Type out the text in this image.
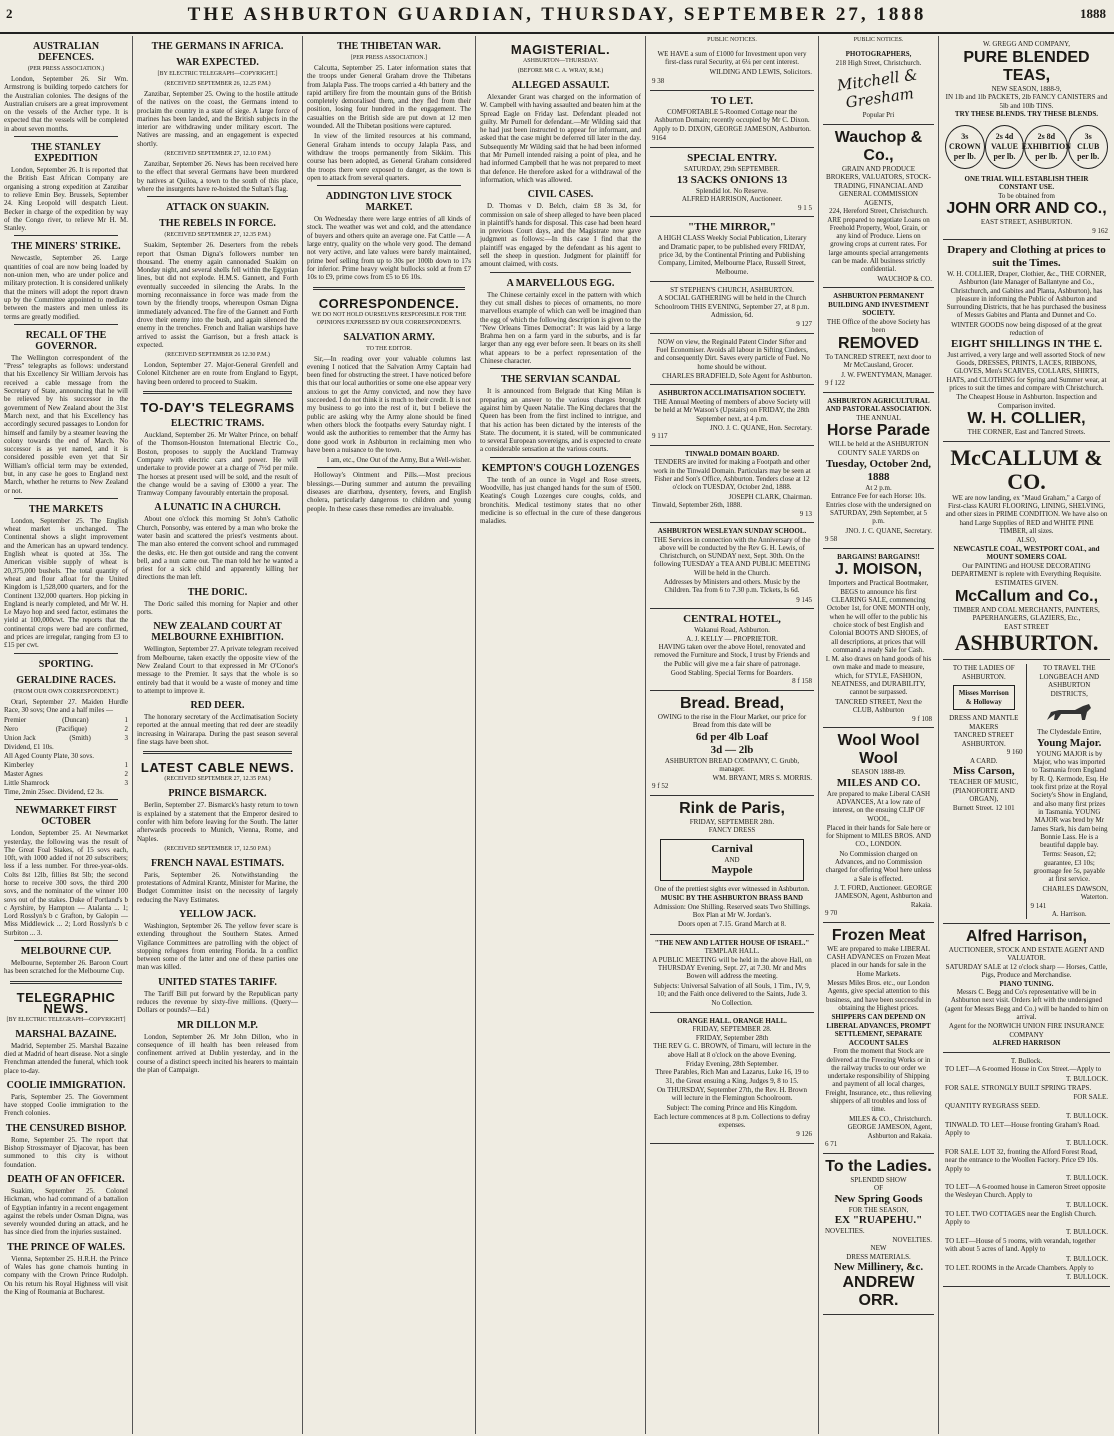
2	THE ASHBURTON GUARDIAN, THURSDAY, SEPTEMBER 27, 1888	1888
AUSTRALIAN DEFENCES.
(PER PRESS ASSOCIATION.)

London, September 26. Sir Wm. Armstrong is building torpedo catchers for the Australian colonies. The designs of the Australian cruisers are a great improvement on the vessels of the Archer type. It is expected that the vessels will be completed in about seven months.

THE STANLEY EXPEDITION

London, September 26. It is reported that the British East African Company are organising a strong expedition at Zanzibar to relieve Emin Bey. Brussels, September 24. King Leopold will despatch Lieut. Becker in charge of the expedition by way of the Congo river, to relieve Mr H. M. Stanley.

THE MINERS' STRIKE.

Newcastle, September 26. Large quantities of coal are now being loaded by non-union men, who are under police and military protection. It is considered unlikely that the miners will adopt the report drawn up by the Committee appointed to mediate between the masters and men unless its terms are greatly modified.

RECALL OF THE GOVERNOR.

The Wellington correspondent of the "Press" telegraphs as follows: understand that his Excellency Sir William Jervois has received a cable message from the Secretary of State, announcing that he will be relieved by his successor in the government of New Zealand about the 31st March next, and that his Excellency has accordingly secured passages to London for himself and family by a steamer leaving the colony towards the end of March. No successor is as yet named, and it is considered possible even yet that Sir William's official term may be extended, but, in any case he goes to England next March, whether he returns to New Zealand or not.

THE MARKETS

London, September 25. The English wheat market is unchanged. The Continental shows a slight improvement and the American has an upward tendency. English wheat is quoted at 35s. The American visible supply of wheat is 20,375,000 bushels. The total quantity of wheat and flour afloat for the United Kingdom is 1,528,000 quarters, and for the Continent 132,000 quarters. Hop picking in England is nearly completed, and Mr W. H. Le Mayo hop and seed factor, estimates the yield at 100,000cwt. The reports that the continental crops were bad are confirmed, and prices are irregular, ranging from £3 to £15 per cwt.

SPORTING.
GERALDINE RACES.
(FROM OUR OWN CORRESPONDENT.)

Orari, September 27. Maiden Hurdle Race, 30 sovs; One and a half miles —

Premier	(Duncan)	1
Nero	(Pacifique)	2
Union Jack	(Smith)	3

Dividend, £1 10s.

All Aged County Plate, 30 sovs.

Kimberley	1
Master Agnes	2
Little Shamrock	3

Time, 2min 25sec. Dividend, £2 3s.

NEWMARKET FIRST OCTOBER

London, September 25. At Newmarket yesterday, the following was the result of The Great Foal Stakes, of 15 sovs each, 10ft, with 1000 added if not 20 subscribers; less if a less number. For three-year-olds. Colts 8st 12lb, fillies 8st 5lb; the second horse to receive 300 sovs, the third 200 sovs, and the nominator of the winner 100 sovs out of the stakes. Duke of Portland's b c Ayrshire, by Hampton — Atalanta ... 1; Lord Rosslyn's b c Grafton, by Galopin — Miss Middlewick ... 2; Lord Rosslyn's b c Surbiton ... 3.

MELBOURNE CUP.

Melbourne, September 26. Baroon Court has been scratched for the Melbourne Cup.

TELEGRAPHIC NEWS.
[BY ELECTRIC TELEGRAPH—COPYRIGHT]
MARSHAL BAZAINE.

Madrid, September 25. Marshal Bazaine died at Madrid of heart disease. Not a single Frenchman attended the funeral, which took place to-day.

COOLIE IMMIGRATION.

Paris, September 25. The Government have stopped Coolie immigration to the French colonies.

THE CENSURED BISHOP.

Rome, September 25. The report that Bishop Strossmayer of Djacovar, has been summoned to this city is without foundation.

DEATH OF AN OFFICER.

Suakim, September 25. Colonel Hickman, who had command of a battalion of Egyptian infantry in a recent engagement against the rebels under Osman Digna, was severely wounded during an attack, and he has since died from the injuries sustained.

THE PRINCE OF WALES.

Vienna, September 25. H.R.H. the Prince of Wales has gone chamois hunting in company with the Crown Prince Rudolph. On his return his Royal Highness will visit the King of Roumania at Bucharest.

THE GERMANS IN AFRICA.
WAR EXPECTED.
[BY ELECTRIC TELEGRAPH—COPYRIGHT.]
(RECEIVED SEPTEMBER 26, 12.25 P.M.)

Zanzibar, September 25. Owing to the hostile attitude of the natives on the coast, the Germans intend to proclaim the country in a state of siege. A large force of marines has been landed, and the British subjects in the interior are withdrawing under military escort. The Natives are massing, and an engagement is expected shortly.

(RECEIVED SEPTEMBER 27, 12.10 P.M.)

Zanzibar, September 26. News has been received here to the effect that several Germans have been murdered by natives at Quiloa, a town to the south of this place, where the insurgents have re-hoisted the Sultan's flag.

ATTACK ON SUAKIN.
THE REBELS IN FORCE.
(RECEIVED SEPTEMBER 27, 12.35 P.M.)

Suakim, September 26. Deserters from the rebels report that Osman Digna's followers number ten thousand. The enemy again cannonaded Suakim on Monday night, and several shells fell within the Egyptian lines, but did not explode. H.M.S. Gannett, and Forth eventually succeeded in silencing the Arabs. In the morning reconnaissance in force was made from the town by the friendly troops, whereupon Osman Digna immediately advanced. The fire of the Gannett and Forth drove their enemy into the bush, and again silenced the enemy in the trenches. French and Italian warships have arrived to assist the Garrison, but a fresh attack is expected.

(RECEIVED SEPTEMBER 26 12.30 P.M.)

London, September 27. Major-General Grenfell and Colonel Kitchener are en route from England to Egypt, having been ordered to proceed to Suakim.

TO-DAY'S TELEGRAMS
ELECTRIC TRAMS.

Auckland, September 26. Mr Walter Prince, on behalf of the Thomson-Houston International Electric Co., Boston, proposes to supply the Auckland Tramway Company with electric cars and power. He will undertake to provide power at a charge of 7½d per mile. The horses at present used will be sold, and the result of the change would be a saving of £3000 a year. The Tramway Company favourably entertain the proposal.

A LUNATIC IN A CHURCH.

About one o'clock this morning St John's Catholic Church, Ponsonby, was entered by a man who broke the water basin and scattered the priest's vestments about. The man also entered the convent school and rummaged the desks, etc. He then got outside and rang the convent bell, and a nun came out. The man told her he wanted a priest for a sick child and apparently killing her directions the man left.

THE DORIC.

The Doric sailed this morning for Napier and other ports.

NEW ZEALAND COURT AT MELBOURNE EXHIBITION.

Wellington, September 27. A private telegram received from Melbourne, taken exactly the opposite view of the New Zealand Court to that expressed in Mr O'Conor's message to the Premier. It says that the whole is so entirely bad that it would be a waste of money and time to attempt to improve it.

RED DEER.

The honorary secretary of the Acclimatisation Society reported at the annual meeting that red deer are steadily increasing in Wairarapa. During the past season several fine stags have been shot.

LATEST CABLE NEWS.
(RECEIVED SEPTEMBER 27, 12.35 P.M.)
PRINCE BISMARCK.

Berlin, September 27. Bismarck's hasty return to town is explained by a statement that the Emperor desired to confer with him before leaving for the South. The latter afterwards proceeds to Munich, Vienna, Rome, and Naples.

(RECEIVED SEPTEMBER 17, 12.50 P.M.)
FRENCH NAVAL ESTIMATS.

Paris, September 26. Notwithstanding the protestations of Admiral Krantz, Minister for Marine, the Budget Committee insist on the necessity of largely reducing the Navy Estimates.

YELLOW JACK.

Washington, September 26. The yellow fever scare is extending throughout the Southern States. Armed Vigilance Committees are patrolling with the object of stopping refugees from entering Florida. In a conflict between some of the latter and one of these parties one man was killed.

UNITED STATES TARIFF.

The Tariff Bill put forward by the Republican party reduces the revenue by sixty-five millions. (Query—Dollars or pounds?—Ed.)

MR DILLON M.P.

London, September 26. Mr John Dillon, who in consequence of ill health has been released from confinement arrived at Dublin yesterday, and in the course of a distinct speech incited his hearers to maintain the plan of Campaign.

THE THIBETAN WAR.
[PER PRESS ASSOCIATION.]

Calcutta, September 25. Later information states that the troops under General Graham drove the Thibetans from Jalapla Pass. The troops carried a 4th battery and the rapid artillery fire from the mountain guns of the British completely demoralised them, and they fled from their position, losing four hundred in the engagement. The casualties on the British side are put down at 12 men wounded. All the Thibetan positions were captured.

In view of the limited resources at his command, General Graham intends to occupy Jalapla Pass, and withdraw the troops permanently from Sikkim. This course has been adopted, as General Graham considered the troops there were exposed to danger, as the town is open to attack from several quarters.

ADDINGTON LIVE STOCK MARKET.

On Wednesday there were large entries of all kinds of stock. The weather was wet and cold, and the attendance of buyers and others quite an average one. Fat Cattle — A large entry, quality on the whole very good. The demand not very active, and late values were barely maintained, prime beef selling from up to 30s per 100lb down to 17s for inferior. Prime heavy weight bullocks sold at from £7 10s to £9, prime cows from £5 to £6 10s.

CORRESPONDENCE.
WE DO NOT HOLD OURSELVES RESPONSIBLE FOR THE OPINIONS EXPRESSED BY OUR CORRESPONDENTS.
SALVATION ARMY.
TO THE EDITOR.

Sir,—In reading over your valuable columns last evening I noticed that the Salvation Army Captain had been fined for obstructing the street. I have noticed before this that our local authorities or some one else appear very anxious to get the Army convicted, and now they have succeeded. I do not think it is much to their credit. It is not my business to go into the rest of it, but I believe the public are asking why the Army alone should be fined when others block the footpaths every Saturday night. I would ask the authorities to remember that the Army has done good work in Ashburton in reclaiming men who have been a nuisance to the town.

I am, etc., One Out of the Army, But a Well-wisher.

Holloway's Ointment and Pills.—Most precious blessings.—During summer and autumn the prevailing diseases are diarrhœa, dysentery, fevers, and English cholera, particularly dangerous to children and young people. In these cases these remedies are invaluable.

MAGISTERIAL.
ASHBURTON—THURSDAY.
(BEFORE MR C. A. WRAY, R.M.)
ALLEGED ASSAULT.

Alexander Grant was charged on the information of W. Campbell with having assaulted and beaten him at the Spread Eagle on Friday last. Defendant pleaded not guilty. Mr Purnell for defendant.—Mr Wilding said that he had just been instructed to appear for informant, and asked that the case might be deferred till later in the day. Subsequently Mr Wilding said that he had been informed that Mr Purnell intended raising a point of plea, and he had informed Campbell that he was not prepared to meet that defence. He therefore asked for a withdrawal of the information, which was allowed.

CIVIL CASES.

D. Thomas v D. Belch, claim £8 3s 3d, for commission on sale of sheep alleged to have been placed in plaintiff's hands for disposal. This case had been heard in previous Court days, and the Magistrate now gave judgment as follows:—In this case I find that the plaintiff was engaged by the defendant as his agent to sell the sheep in question. Judgment for plaintiff for amount claimed, with costs.

A MARVELLOUS EGG.

The Chinese certainly excel in the pattern with which they cut small dishes to pieces of ornaments, no more marvellous example of which can well be imagined than the egg of which the following description is given to the "New Orleans Times Democrat": It was laid by a large Brahma hen on a farm yard in the suburbs, and is far larger than any egg ever before seen. It bears on its shell what appears to be a perfect representation of the Chinese character.

THE SERVIAN SCANDAL

It is announced from Belgrade that King Milan is preparing an answer to the various charges brought against him by Queen Natalie. The King declares that the Queen has been from the first inclined to intrigue, and that his action has been dictated by the interests of the State. The document, it is stated, will be communicated to several European sovereigns, and is expected to create a considerable sensation at the various courts.

KEMPTON'S COUGH LOZENGES

The tenth of an ounce in Vogel and Rose streets, Woodville, has just changed hands for the sum of £500. Keating's Cough Lozenges cure coughs, colds, and bronchitis. Medical testimony states that no other medicine is so effectual in the cure of these dangerous maladies.

PUBLIC NOTICES.

WE HAVE a sum of £1000 for Investment upon very first-class rural Security, at 6¼ per cent interest.

WILDING AND LEWIS, Solicitors.

9 38

TO LET.

COMFORTABLE 5-Roomed Cottage near the Ashburton Domain; recently occupied by Mr C. Dixon. Apply to D. DIXON, GEORGE JAMESON, Ashburton.

9164

SPECIAL ENTRY.
SATURDAY, 29th SEPTEMBER.
13 SACKS ONIONS 13
Splendid lot. No Reserve.
ALFRED HARRISON, Auctioneer.
9 1 5
"THE MIRROR,"

A HIGH CLASS Weekly Social Publication, Literary and Dramatic paper, to be published every FRIDAY, price 3d, by the Continental Printing and Publishing Company, Limited, Melbourne Place, Russell Street, Melbourne.

ST STEPHEN'S CHURCH, ASHBURTON.

A SOCIAL GATHERING will be held in the Church Schoolroom THIS EVENING, September 27, at 8 p.m. Admission, 6d.

9 127

NOW on view, the Reginald Patent Cinder Sifter and Fuel Economiser. Avoids all labour in Sifting Cinders, and consequently Dirt. Saves every particle of Fuel. No home should be without.

CHARLES BRADFIELD, Sole Agent for Ashburton.
ASHBURTON ACCLIMATISATION SOCIETY.

THE Annual Meeting of members of above Society will be held at Mr Watson's (Upstairs) on FRIDAY, the 28th September next, at 4 p.m.

JNO. J. C. QUANE, Hon. Secretary.
9 117
TINWALD DOMAIN BOARD.

TENDERS are invited for making a Footpath and other work in the Tinwald Domain. Particulars may be seen at Fisher and Son's Office, Ashburton. Tenders close at 12 o'clock on TUESDAY, October 2nd, 1888.

JOSEPH CLARK, Chairman.
Tinwald, September 26th, 1888.
9 13
ASHBURTON WESLEYAN SUNDAY SCHOOL.

THE Services in connection with the Anniversary of the above will be conducted by the Rev G. H. Lewis, of Christchurch, on SUNDAY next, Sept. 30th. On the following TUESDAY a TEA AND PUBLIC MEETING Will be held in the Church.

Addresses by Ministers and others. Music by the Children. Tea from 6 to 7.30 p.m. Tickets, Is 6d.

9 145
CENTRAL HOTEL,
Wakanui Road, Ashburton.
A. J. KELLY — PROPRIETOR.

HAVING taken over the above Hotel, renovated and removed the Furniture and Stock, I trust by Friends and the Public will give me a fair share of patronage.

Good Stabling. Special Terms for Boarders.
8 f 158
Bread. Bread,

OWING to the rise in the Flour Market, our price for Bread from this date will be

6d per 4lb Loaf
3d — 2lb
ASHBURTON BREAD COMPANY, C. Grubb, manager.
WM. BRYANT, MRS S. MORRIS.
9 f 52
Rink de Paris,
FRIDAY, SEPTEMBER 28th.
FANCY DRESS
Carnival
AND
Maypole

One of the prettiest sights ever witnessed in Ashburton.

MUSIC BY THE ASHBURTON BRASS BAND

Admission: One Shilling. Reserved seats Two Shillings. Box Plan at Mr W. Jordan's.

Doors open at 7.15. Grand March at 8.

"THE NEW AND LATTER HOUSE OF ISRAEL."
TEMPLAR HALL.

A PUBLIC MEETING will be held in the above Hall, on THURSDAY Evening, Sept. 27, at 7.30. Mr and Mrs Bowen will address the meeting.

Subjects: Universal Salvation of all Souls, 1 Tim., IV, 9, 10; and the Faith once delivered to the Saints, Jude 3.

No Collection.
ORANGE HALL. ORANGE HALL.
FRIDAY, SEPTEMBER 28.
FRIDAY, September 28th

THE REV G. C. BROWN, of Timaru, will lecture in the above Hall at 8 o'clock on the above Evening.

Friday Evening, 28th September.

Three Parables, Rich Man and Lazarus, Luke 16, 19 to 31, the Great ensuing a King, Judges 9, 8 to 15.

On THURSDAY, September 27th, the Rev. H. Brown will lecture in the Flemington Schoolroom.

Subject: The coming Prince and His Kingdom.

Each lecture commences at 8 p.m. Collections to defray expenses.

9 126
PUBLIC NOTICES.
PHOTOGRAPHERS,
218 High Street, Christchurch.
Mitchell & Gresham
Popular Pri
Wauchop & Co.,
GRAIN AND PRODUCE BROKERS, VALUATORS, STOCK-TRADING, FINANCIAL AND GENERAL COMMISSION AGENTS,
224, Hereford Street, Christchurch.

ARE prepared to negotiate Loans on Freehold Property, Wool, Grain, or any kind of Produce. Liens on growing crops at current rates. For large amounts special arrangements can be made. All business strictly confidential.

WAUCHOP & CO.
ASHBURTON PERMANENT BUILDING AND INVESTMENT SOCIETY.

THE Office of the above Society has been

REMOVED

To TANCRED STREET, next door to Mr McCausland, Grocer.

J. W. FWENTYMAN, Manager.
9 f 122
ASHBURTON AGRICULTURAL AND PASTORAL ASSOCIATION.
THE ANNUAL
Horse Parade

WILL be held at the ASHBURTON COUNTY SALE YARDS on

Tuesday, October 2nd, 1888
At 2 p.m.
Entrance Fee for each Horse: 10s.

Entries close with the undersigned on SATURDAY, 29th September, at 5 p.m.

JNO. J. C. QUANE, Secretary.
9 58
BARGAINS! BARGAINS!!
J. MOISON,
Importers and Practical Bootmaker,

BEGS to announce his first CLEARING SALE, commencing October 1st, for ONE MONTH only, when he will offer to the public his choice stock of best English and Colonial BOOTS AND SHOES, of all descriptions, at prices that will command a ready Sale for Cash.

I. M. also draws on hand goods of his own make and made to measure, which, for STYLE, FASHION, NEATNESS, and DURABILITY, cannot be surpassed.

TANCRED STREET, Next the CLUB, Ashburton
9 f 108
Wool Wool Wool
SEASON 1888-89.
MILES AND CO.

Are prepared to make Liberal CASH ADVANCES, At a low rate of interest, on the ensuing CLIP OF WOOL,

Placed in their hands for Sale here or for Shipment to MILES BROS. AND CO., LONDON.

No Commission charged on Advances, and no Commission charged for offering Wool here unless a Sale is effected.

J. T. FORD, Auctioneer. GEORGE JAMESON, Agent, Ashburton and Rakaia.
9 70
Frozen Meat

WE are prepared to make LIBERAL CASH ADVANCES on Frozen Meat placed in our hands for sale in the Home Markets.

Messrs Miles Bros. etc., our London Agents, give special attention to this business, and have been successful in obtaining the Highest prices.

SHIPPERS CAN DEPEND ON LIBERAL ADVANCES, PROMPT SETTLEMENT, SEPARATE ACCOUNT SALES

From the moment that Stock are delivered at the Freezing Works or in the railway trucks to our order we undertake responsibility of Shipping and payment of all local charges, Freight, Insurance, etc., thus relieving shippers of all troubles and loss of time.

MILES & CO., Christchurch. GEORGE JAMESON, Agent, Ashburton and Rakaia.
6 71
To the Ladies.
SPLENDID SHOW
OF
New Spring Goods
FOR THE SEASON,
EX "RUAPEHU."
NOVELTIES.
NOVELTIES.
NEW
DRESS MATERIALS.
New Millinery, &c.
ANDREW ORR.
W. GREGG AND COMPANY,
PURE BLENDED TEAS,
NEW SEASON, 1888-9,
IN 1lb and 1lb PACKETS, 2lb FANCY CANISTERS and 5lb and 10lb TINS.
TRY THESE BLENDS. TRY THESE BLENDS.
3s
CROWN
per lb.
2s 4d
VALUE
per lb.
2s 8d
EXHIBITION
per lb.
3s
CLUB
per lb.
ONE TRIAL WILL ESTABLISH THEIR CONSTANT USE.
To be obtained from
JOHN ORR AND CO.,
EAST STREET, ASHBURTON.
9 162
Drapery and Clothing at prices to suit the Times.

W. H. COLLIER, Draper, Clothier, &c., THE CORNER, Ashburton (late Manager of Ballantyne and Co., Christchurch, and Gabites and Planta, Ashburton), has pleasure in informing the Public of Ashburton and Surrounding Districts, that he has purchased the business of Messrs Gabites and Planta and Dunnet and Co.

WINTER GOODS now being disposed of at the great reduction of
EIGHT SHILLINGS IN THE £.

Just arrived, a very large and well assorted Stock of new Goods, DRESSES, PRINTS, LACES, RIBBONS, GLOVES, Men's SCARVES, COLLARS, SHIRTS, HATS, and CLOTHING for Spring and Summer wear, at prices to suit the times and compare with Christchurch.

The Cheapest House in Ashburton. Inspection and Comparison invited.
W. H. COLLIER,
THE CORNER, East and Tancred Streets.
McCALLUM & CO.

WE are now landing, ex "Maud Graham," a Cargo of First-class KAURI FLOORING, LINING, SHELVING, and other sizes in PRIME CONDITION. We have also on hand Large Supplies of RED and WHITE PINE TIMBER, all sizes.

ALSO,
NEWCASTLE COAL, WESTPORT COAL, and MOUNT SOMERS COAL

Our PAINTING and HOUSE DECORATING DEPARTMENT is replete with Everything Requisite.

ESTIMATES GIVEN.
McCallum and Co.,
TIMBER AND COAL MERCHANTS, PAINTERS, PAPERHANGERS, GLAZIERS, Etc.,
EAST STREET
ASHBURTON.
TO THE LADIES OF ASHBURTON.
Misses Morrison & Holloway
DRESS AND MANTLE MAKERS
TANCRED STREET ASHBURTON.
9 160
A CARD.
Miss Carson,
TEACHER OF MUSIC,
(PIANOFORTE AND ORGAN),
Burnett Street. 12 101
TO TRAVEL THE LONGBEACH AND ASHBURTON DISTRICTS,
The Clydesdale Entire,
Young Major.

YOUNG MAJOR is by Major, who was imported to Tasmania from England by R. Q. Kermode, Esq. He took first prize at the Royal Society's Show in England, and also many first prizes in Tasmania. YOUNG MAJOR was bred by Mr James Stark, his dam being Bonnie Lass. He is a beautiful dapple bay.

Terms: Season, £2; guarantee, £3 10s; groomage fee 5s, payable at first service.

CHARLES DAWSON, Waterton.
9 141
A. Harrison.
Alfred Harrison,
AUCTIONEER, STOCK AND ESTATE AGENT AND VALUATOR.
SATURDAY SALE at 12 o'clock sharp — Horses, Cattle, Pigs, Produce and Merchandise.
PIANO TUNING.

Messrs C. Begg and Co's representative will be in Ashburton next visit. Orders left with the undersigned (agent for Messrs Begg and Co.) will be handed to him on arrival.

Agent for the NORWICH UNION FIRE INSURANCE COMPANY
ALFRED HARRISON
T. Bullock.

TO LET—A 6-roomed House in Cox Street.—Apply to

T. BULLOCK.

FOR SALE. STRONGLY BUILT SPRING TRAPS.

FOR SALE.

QUANTITY RYEGRASS SEED.

T. BULLOCK.

TINWALD. TO LET—House fronting Graham's Road. Apply to

T. BULLOCK.

FOR SALE. LOT 32, fronting the Alford Forest Road, near the entrance to the Woollen Factory. Price £9 10s. Apply to

T. BULLOCK.

TO LET—A 6-roomed house in Cameron Street opposite the Wesleyan Church. Apply to

T. BULLOCK.

TO LET. TWO COTTAGES near the English Church. Apply to

T. BULLOCK.

TO LET—House of 5 rooms, with verandah, together with about 5 acres of land. Apply to

T. BULLOCK.

TO LET. ROOMS in the Arcade Chambers. Apply to

T. BULLOCK.
